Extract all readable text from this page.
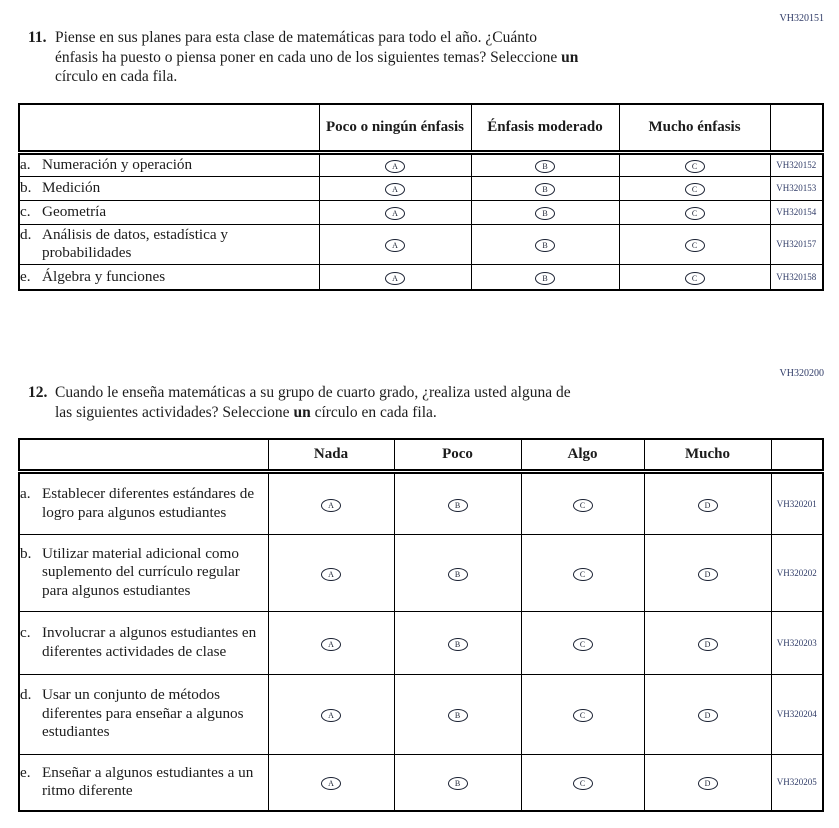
VH320151
11. Piense en sus planes para esta clase de matemáticas para todo el año. ¿Cuánto
énfasis ha puesto o piensa poner en cada uno de los siguientes temas? Seleccione un
círculo en cada fila.
	Poco o ningún énfasis	Énfasis moderado	Mucho énfasis	

a. Numeración y operación	A	B	C	VH320152

b. Medición	A	B	C	VH320153

c. Geometría	A	B	C	VH320154

d. Análisis de datos, estadística y probabilidades	A	B	C	VH320157

e. Álgebra y funciones	A	B	C	VH320158
VH320200
12. Cuando le enseña matemáticas a su grupo de cuarto grado, ¿realiza usted alguna de
las siguientes actividades? Seleccione un círculo en cada fila.
	Nada	Poco	Algo	Mucho	

a. Establecer diferentes estándares de logro para algunos estudiantes	A	B	C	D	VH320201

b. Utilizar material adicional como suplemento del currículo regular para algunos estudiantes	A	B	C	D	VH320202

c. Involucrar a algunos estudiantes en diferentes actividades de clase	A	B	C	D	VH320203

d. Usar un conjunto de métodos diferentes para enseñar a algunos estudiantes	A	B	C	D	VH320204

e. Enseñar a algunos estudiantes a un ritmo diferente	A	B	C	D	VH320205
